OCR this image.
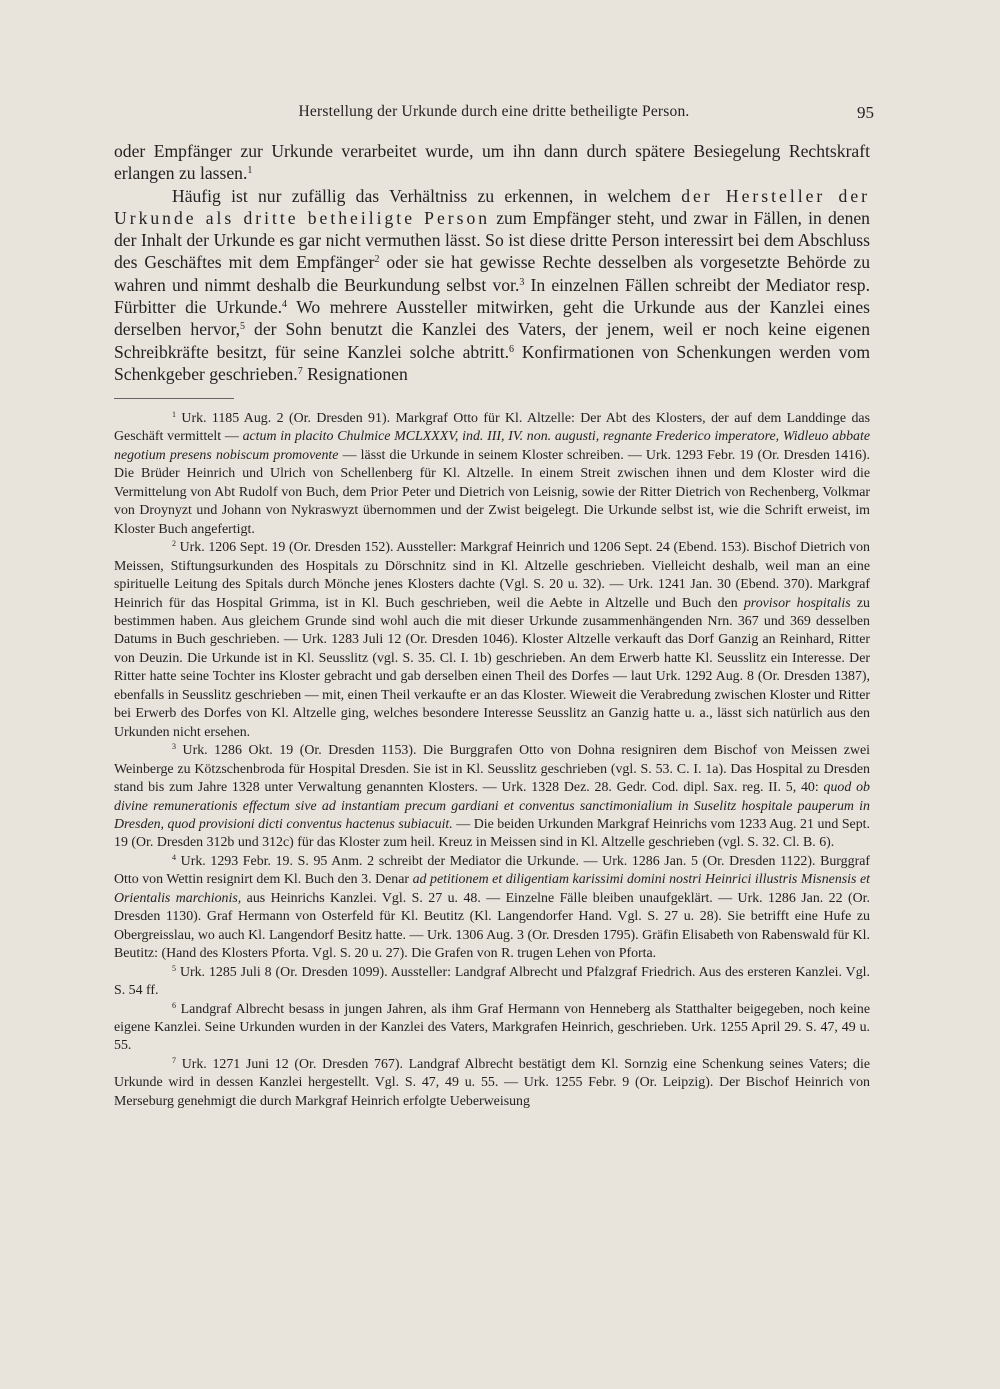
Herstellung der Urkunde durch eine dritte betheiligte Person.	95

oder Empfänger zur Urkunde verarbeitet wurde, um ihn dann durch spätere Besiegelung Rechtskraft erlangen zu lassen.$^1$

Häufig ist nur zufällig das Verhältniss zu erkennen, in welchem der Hersteller der Urkunde als dritte betheiligte Person zum Empfänger steht, und zwar in Fällen, in denen der Inhalt der Urkunde es gar nicht vermuthen lässt. So ist diese dritte Person interessirt bei dem Abschluss des Geschäftes mit dem Empfänger$^2$ oder sie hat gewisse Rechte desselben als vorgesetzte Behörde zu wahren und nimmt deshalb die Beurkundung selbst vor.$^3$ In einzelnen Fällen schreibt der Mediator resp. Fürbitter die Urkunde.$^4$ Wo mehrere Aussteller mitwirken, geht die Urkunde aus der Kanzlei eines derselben hervor,$^5$ der Sohn benutzt die Kanzlei des Vaters, der jenem, weil er noch keine eigenen Schreibkräfte besitzt, für seine Kanzlei solche abtritt.$^6$ Konfirmationen von Schenkungen werden vom Schenkgeber geschrieben.$^7$ Resignationen

$^1$ Urk. 1185 Aug. 2 (Or. Dresden 91). Markgraf Otto für Kl. Altzelle: Der Abt des Klosters, der auf dem Landdinge das Geschäft vermittelt — actum in placito Chulmice MCLXXXV, ind. III, IV. non. augusti, regnante Frederico imperatore, Widleuo abbate negotium presens nobiscum promovente — lässt die Urkunde in seinem Kloster schreiben. — Urk. 1293 Febr. 19 (Or. Dresden 1416). Die Brüder Heinrich und Ulrich von Schellenberg für Kl. Altzelle. In einem Streit zwischen ihnen und dem Kloster wird die Vermittelung von Abt Rudolf von Buch, dem Prior Peter und Dietrich von Leisnig, sowie der Ritter Dietrich von Rechenberg, Volkmar von Droynyzt und Johann von Nykraswyzt übernommen und der Zwist beigelegt. Die Urkunde selbst ist, wie die Schrift erweist, im Kloster Buch angefertigt.

$^2$ Urk. 1206 Sept. 19 (Or. Dresden 152). Aussteller: Markgraf Heinrich und 1206 Sept. 24 (Ebend. 153). Bischof Dietrich von Meissen, Stiftungsurkunden des Hospitals zu Dörschnitz sind in Kl. Altzelle geschrieben. Vielleicht deshalb, weil man an eine spirituelle Leitung des Spitals durch Mönche jenes Klosters dachte (Vgl. S. 20 u. 32). — Urk. 1241 Jan. 30 (Ebend. 370). Markgraf Heinrich für das Hospital Grimma, ist in Kl. Buch geschrieben, weil die Aebte in Altzelle und Buch den provisor hospitalis zu bestimmen haben. Aus gleichem Grunde sind wohl auch die mit dieser Urkunde zusammenhängenden Nrn. 367 und 369 desselben Datums in Buch geschrieben. — Urk. 1283 Juli 12 (Or. Dresden 1046). Kloster Altzelle verkauft das Dorf Ganzig an Reinhard, Ritter von Deuzin. Die Urkunde ist in Kl. Seusslitz (vgl. S. 35. Cl. I. 1b) geschrieben. An dem Erwerb hatte Kl. Seusslitz ein Interesse. Der Ritter hatte seine Tochter ins Kloster gebracht und gab derselben einen Theil des Dorfes — laut Urk. 1292 Aug. 8 (Or. Dresden 1387), ebenfalls in Seusslitz geschrieben — mit, einen Theil verkaufte er an das Kloster. Wieweit die Verabredung zwischen Kloster und Ritter bei Erwerb des Dorfes von Kl. Altzelle ging, welches besondere Interesse Seusslitz an Ganzig hatte u. a., lässt sich natürlich aus den Urkunden nicht ersehen.

$^3$ Urk. 1286 Okt. 19 (Or. Dresden 1153). Die Burggrafen Otto von Dohna resigniren dem Bischof von Meissen zwei Weinberge zu Kötzschenbroda für Hospital Dresden. Sie ist in Kl. Seusslitz geschrieben (vgl. S. 53. C. I. 1a). Das Hospital zu Dresden stand bis zum Jahre 1328 unter Verwaltung genannten Klosters. — Urk. 1328 Dez. 28. Gedr. Cod. dipl. Sax. reg. II. 5, 40: quod ob divine remunerationis effectum sive ad instantiam precum gardiani et conventus sanctimonialium in Suselitz hospitale pauperum in Dresden, quod provisioni dicti conventus hactenus subiacuit. — Die beiden Urkunden Markgraf Heinrichs vom 1233 Aug. 21 und Sept. 19 (Or. Dresden 312b und 312c) für das Kloster zum heil. Kreuz in Meissen sind in Kl. Altzelle geschrieben (vgl. S. 32. Cl. B. 6).

$^4$ Urk. 1293 Febr. 19. S. 95 Anm. 2 schreibt der Mediator die Urkunde. — Urk. 1286 Jan. 5 (Or. Dresden 1122). Burggraf Otto von Wettin resignirt dem Kl. Buch den 3. Denar ad petitionem et diligentiam karissimi domini nostri Heinrici illustris Misnensis et Orientalis marchionis, aus Heinrichs Kanzlei. Vgl. S. 27 u. 48. — Einzelne Fälle bleiben unaufgeklärt. — Urk. 1286 Jan. 22 (Or. Dresden 1130). Graf Hermann von Osterfeld für Kl. Beutitz (Kl. Langendorfer Hand. Vgl. S. 27 u. 28). Sie betrifft eine Hufe zu Obergreisslau, wo auch Kl. Langendorf Besitz hatte. — Urk. 1306 Aug. 3 (Or. Dresden 1795). Gräfin Elisabeth von Rabenswald für Kl. Beutitz: (Hand des Klosters Pforta. Vgl. S. 20 u. 27). Die Grafen von R. trugen Lehen von Pforta.

$^5$ Urk. 1285 Juli 8 (Or. Dresden 1099). Aussteller: Landgraf Albrecht und Pfalzgraf Friedrich. Aus des ersteren Kanzlei. Vgl. S. 54 ff.

$^6$ Landgraf Albrecht besass in jungen Jahren, als ihm Graf Hermann von Henneberg als Statthalter beigegeben, noch keine eigene Kanzlei. Seine Urkunden wurden in der Kanzlei des Vaters, Markgrafen Heinrich, geschrieben. Urk. 1255 April 29. S. 47, 49 u. 55.

$^7$ Urk. 1271 Juni 12 (Or. Dresden 767). Landgraf Albrecht bestätigt dem Kl. Sornzig eine Schenkung seines Vaters; die Urkunde wird in dessen Kanzlei hergestellt. Vgl. S. 47, 49 u. 55. — Urk. 1255 Febr. 9 (Or. Leipzig). Der Bischof Heinrich von Merseburg genehmigt die durch Markgraf Heinrich erfolgte Ueberweisung
